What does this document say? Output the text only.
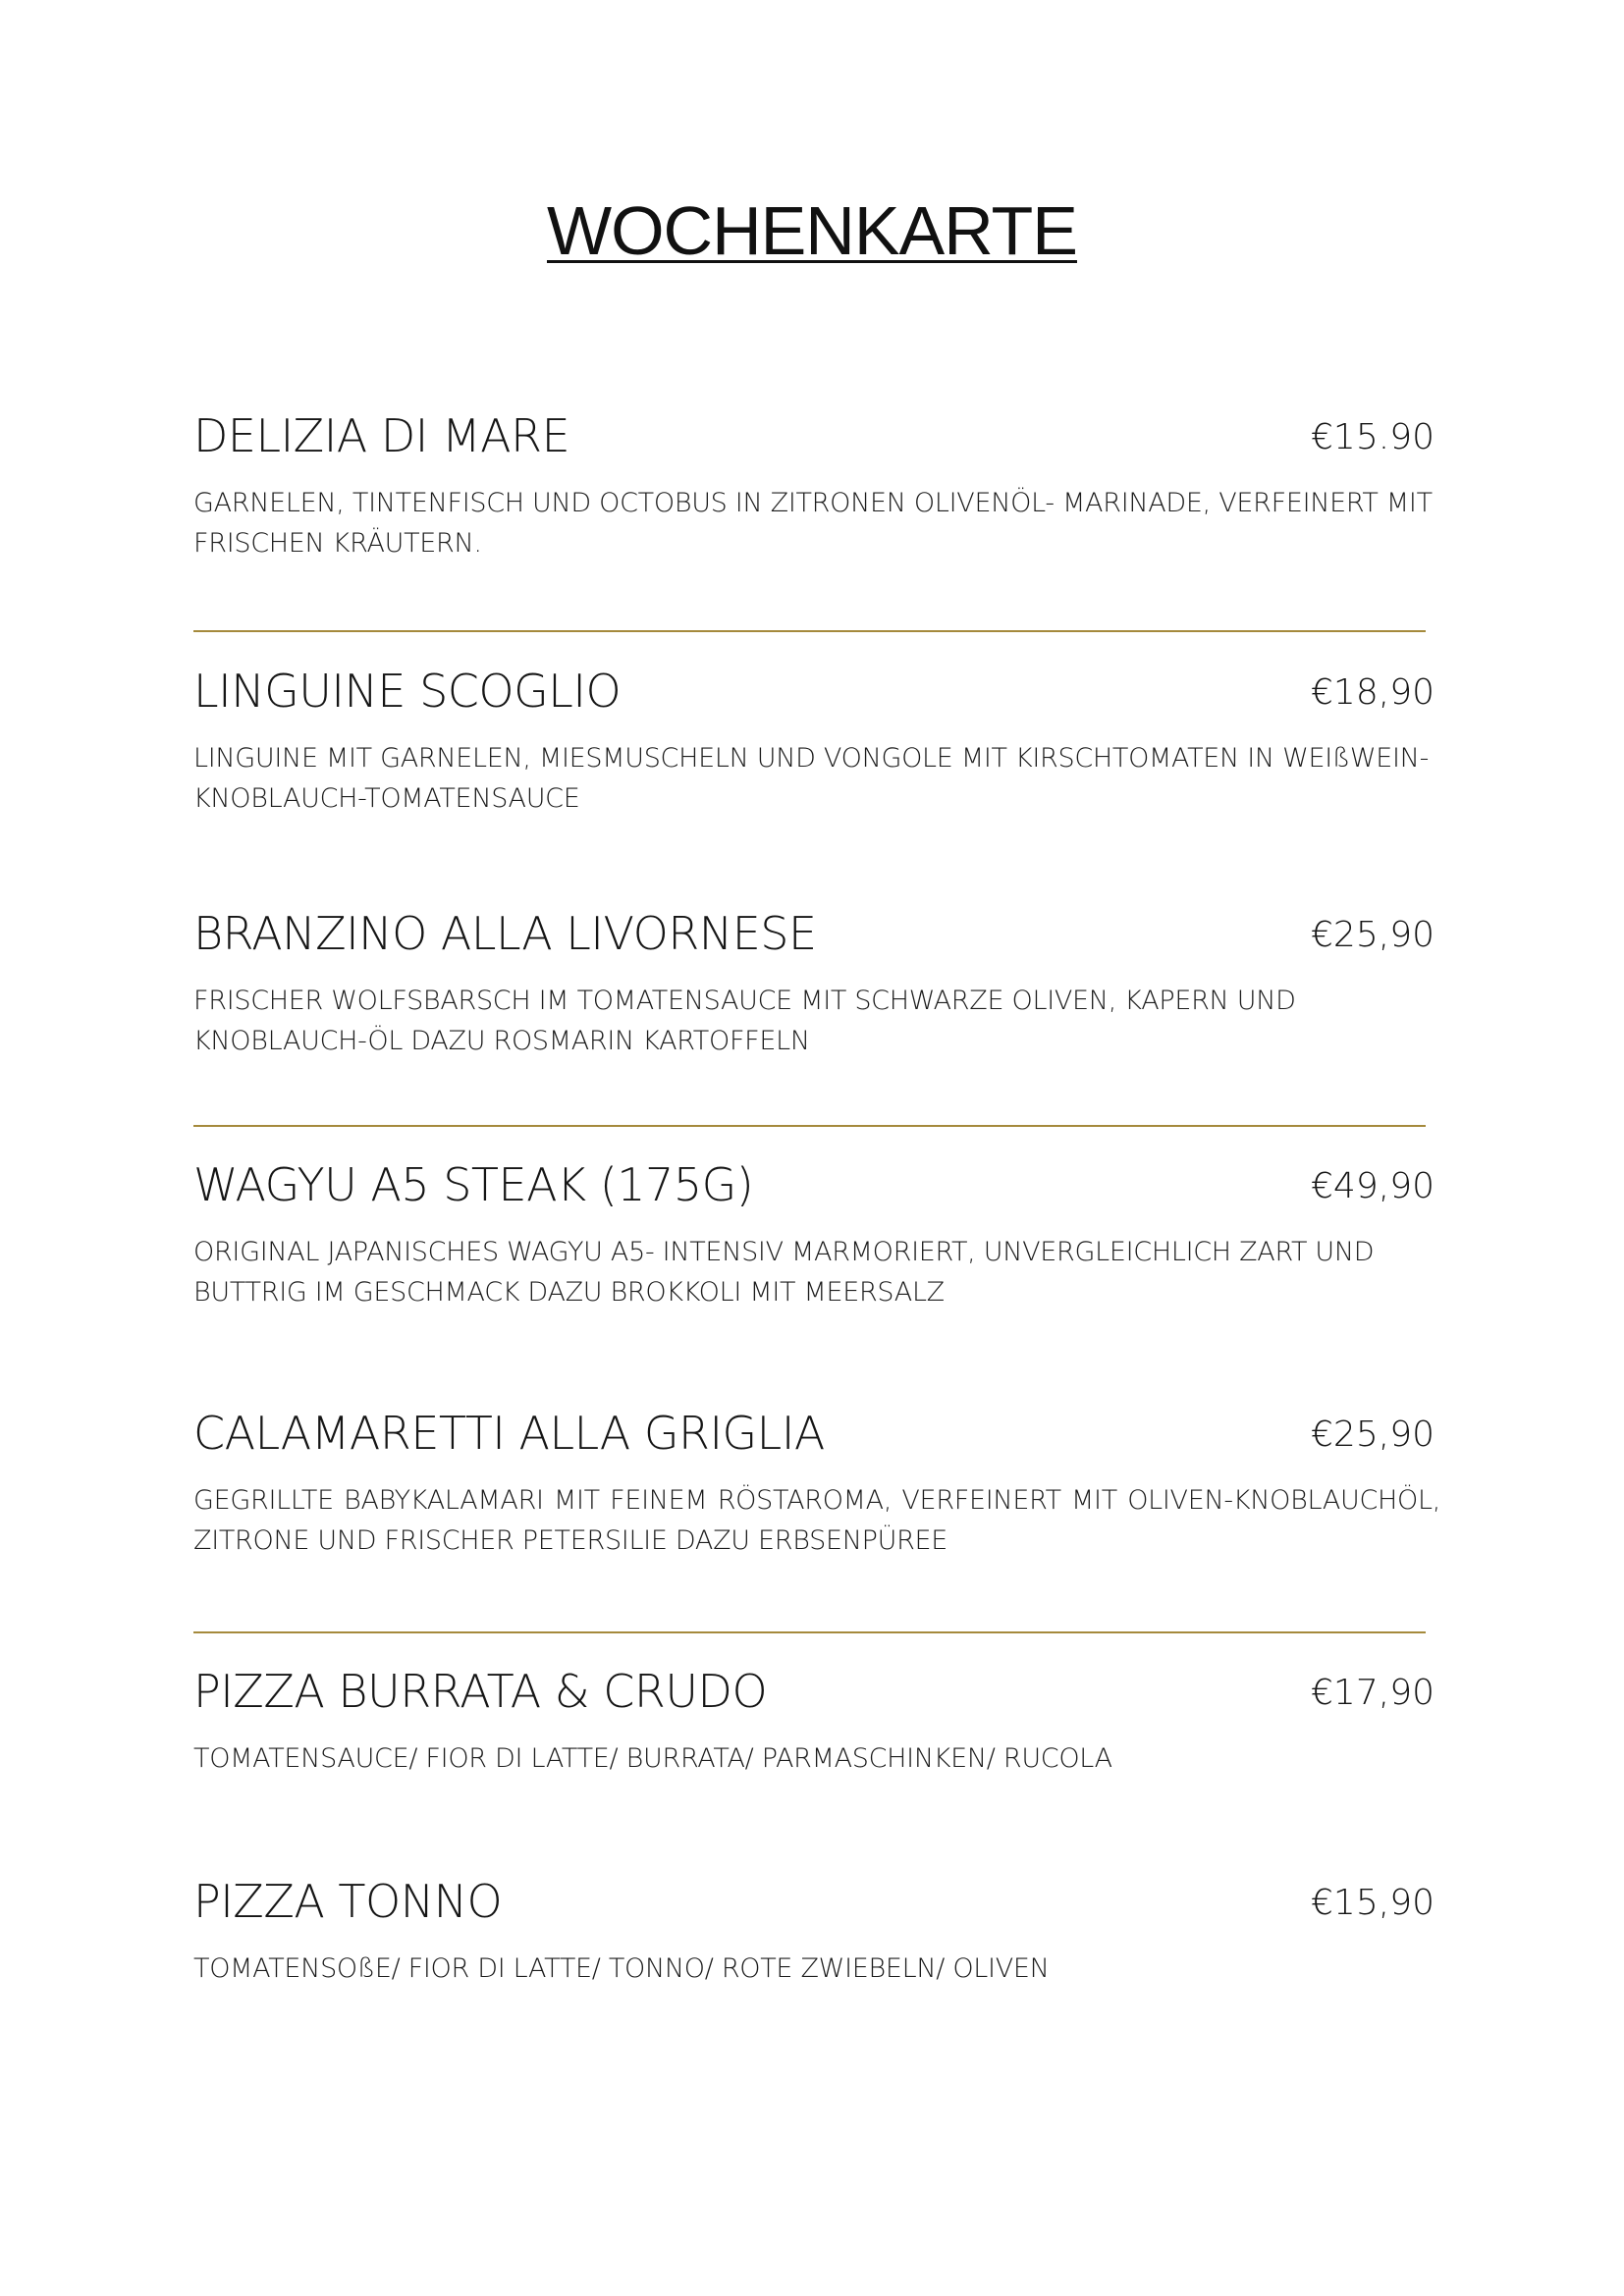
WOCHENKARTE
DELIZIA DI MARE	€15.90
GARNELEN, TINTENFISCH UND OCTOBUS IN ZITRONEN OLIVENÖL- MARINADE, VERFEINERT MIT FRISCHEN KRÄUTERN.
LINGUINE SCOGLIO	€18,90
LINGUINE MIT GARNELEN, MIESMUSCHELN UND VONGOLE MIT KIRSCHTOMATEN IN WEIßWEIN-KNOBLAUCH-TOMATENSAUCE
BRANZINO ALLA LIVORNESE	€25,90
FRISCHER WOLFSBARSCH IM TOMATENSAUCE MIT SCHWARZE OLIVEN, KAPERN UND KNOBLAUCH-ÖL DAZU ROSMARIN KARTOFFELN
WAGYU A5 STEAK (175G)	€49,90
ORIGINAL JAPANISCHES WAGYU A5- INTENSIV MARMORIERT, UNVERGLEICHLICH ZART UND BUTTRIG IM GESCHMACK DAZU BROKKOLI MIT MEERSALZ
CALAMARETTI ALLA GRIGLIA	€25,90
GEGRILLTE BABYKALAMARI MIT FEINEM RÖSTAROMA, VERFEINERT MIT OLIVEN-KNOBLAUCHÖL, ZITRONE UND FRISCHER PETERSILIE DAZU ERBSENPÜREE
PIZZA BURRATA & CRUDO	€17,90
TOMATENSAUCE/ FIOR DI LATTE/ BURRATA/ PARMASCHINKEN/ RUCOLA
PIZZA TONNO	€15,90
TOMATENSOßE/ FIOR DI LATTE/ TONNO/ ROTE ZWIEBELN/ OLIVEN
